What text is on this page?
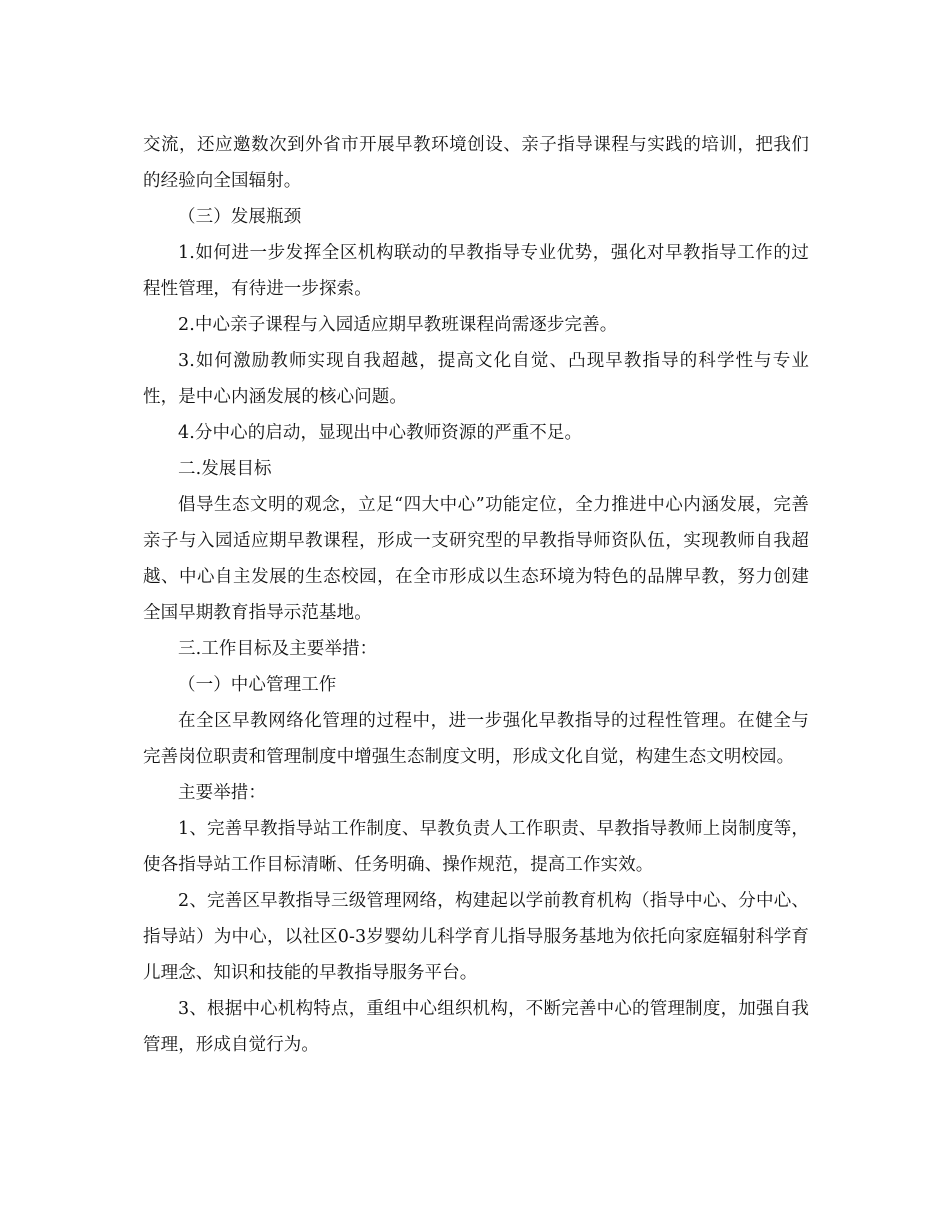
交流，还应邀数次到外省市开展早教环境创设、亲子指导课程与实践的培训，把我们的经验向全国辐射。

（三）发展瓶颈

1.如何进一步发挥全区机构联动的早教指导专业优势，强化对早教指导工作的过程性管理，有待进一步探索。

2.中心亲子课程与入园适应期早教班课程尚需逐步完善。

3.如何激励教师实现自我超越，提高文化自觉、凸现早教指导的科学性与专业性，是中心内涵发展的核心问题。

4.分中心的启动，显现出中心教师资源的严重不足。

二.发展目标

倡导生态文明的观念，立足“四大中心”功能定位，全力推进中心内涵发展，完善亲子与入园适应期早教课程，形成一支研究型的早教指导师资队伍，实现教师自我超越、中心自主发展的生态校园，在全市形成以生态环境为特色的品牌早教，努力创建全国早期教育指导示范基地。

三.工作目标及主要举措：

（一）中心管理工作

在全区早教网络化管理的过程中，进一步强化早教指导的过程性管理。在健全与完善岗位职责和管理制度中增强生态制度文明，形成文化自觉，构建生态文明校园。

主要举措：

1、完善早教指导站工作制度、早教负责人工作职责、早教指导教师上岗制度等，使各指导站工作目标清晰、任务明确、操作规范，提高工作实效。

2、完善区早教指导三级管理网络，构建起以学前教育机构（指导中心、分中心、指导站）为中心，以社区0-3岁婴幼儿科学育儿指导服务基地为依托向家庭辐射科学育儿理念、知识和技能的早教指导服务平台。

3、根据中心机构特点，重组中心组织机构，不断完善中心的管理制度，加强自我管理，形成自觉行为。
